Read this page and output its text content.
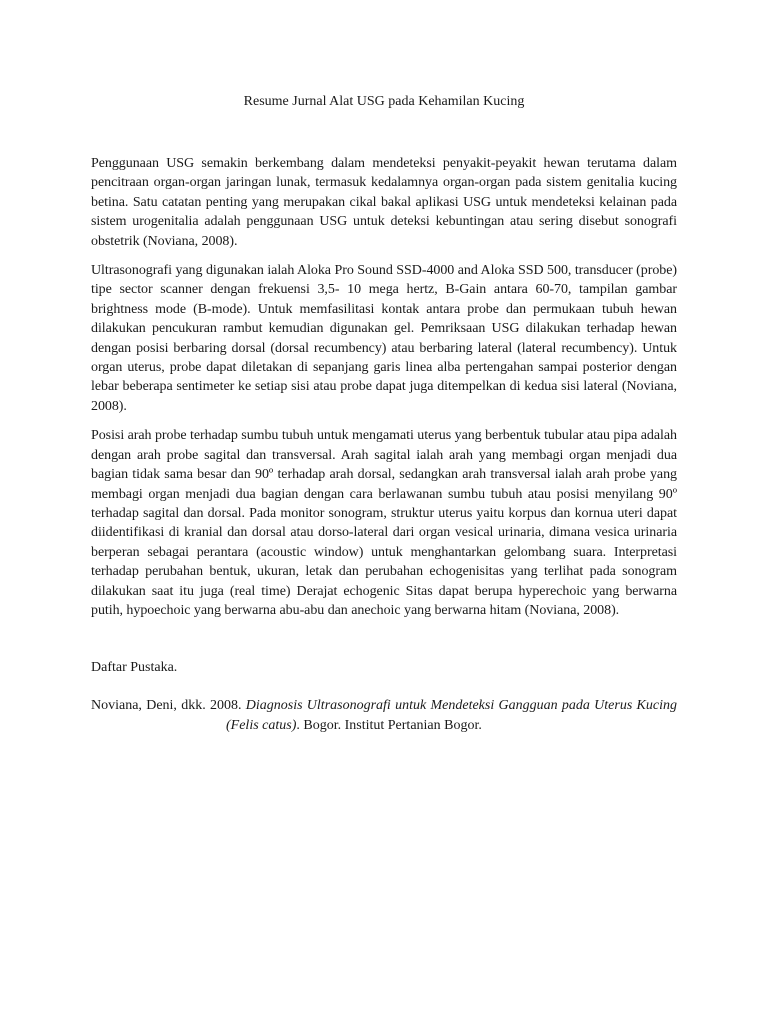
Resume Jurnal Alat USG pada Kehamilan Kucing

Penggunaan USG semakin berkembang dalam mendeteksi penyakit-peyakit hewan terutama dalam pencitraan organ-organ jaringan lunak, termasuk kedalamnya organ-organ pada sistem genitalia kucing betina. Satu catatan penting yang merupakan cikal bakal aplikasi USG untuk mendeteksi kelainan pada sistem urogenitalia adalah penggunaan USG untuk deteksi kebuntingan atau sering disebut sonografi obstetrik (Noviana, 2008).

Ultrasonografi yang digunakan ialah Aloka Pro Sound SSD-4000 and Aloka SSD 500, transducer (probe) tipe sector scanner dengan frekuensi 3,5- 10 mega hertz, B-Gain antara 60-70, tampilan gambar brightness mode (B-mode). Untuk memfasilitasi kontak antara probe dan permukaan tubuh hewan dilakukan pencukuran rambut kemudian digunakan gel. Pemriksaan USG dilakukan terhadap hewan dengan posisi berbaring dorsal (dorsal recumbency) atau berbaring lateral (lateral recumbency). Untuk organ uterus, probe dapat diletakan di sepanjang garis linea alba pertengahan sampai posterior dengan lebar beberapa sentimeter ke setiap sisi atau probe dapat juga ditempelkan di kedua sisi lateral (Noviana, 2008).

Posisi arah probe terhadap sumbu tubuh untuk mengamati uterus yang berbentuk tubular atau pipa adalah dengan arah probe sagital dan transversal. Arah sagital ialah arah yang membagi organ menjadi dua bagian tidak sama besar dan 90º terhadap arah dorsal, sedangkan arah transversal ialah arah probe yang membagi organ menjadi dua bagian dengan cara berlawanan sumbu tubuh atau posisi menyilang 90º terhadap sagital dan dorsal. Pada monitor sonogram, struktur uterus yaitu korpus dan kornua uteri dapat diidentifikasi di kranial dan dorsal atau dorso-lateral dari organ vesical urinaria, dimana vesica urinaria berperan sebagai perantara (acoustic window) untuk menghantarkan gelombang suara. Interpretasi terhadap perubahan bentuk, ukuran, letak dan perubahan echogenisitas yang terlihat pada sonogram dilakukan saat itu juga (real time) Derajat echogenic Sitas dapat berupa hyperechoic yang berwarna putih, hypoechoic yang berwarna abu-abu dan anechoic yang berwarna hitam (Noviana, 2008).

Daftar Pustaka.

Noviana, Deni, dkk. 2008. Diagnosis Ultrasonografi untuk Mendeteksi Gangguan pada Uterus Kucing (Felis catus). Bogor. Institut Pertanian Bogor.
